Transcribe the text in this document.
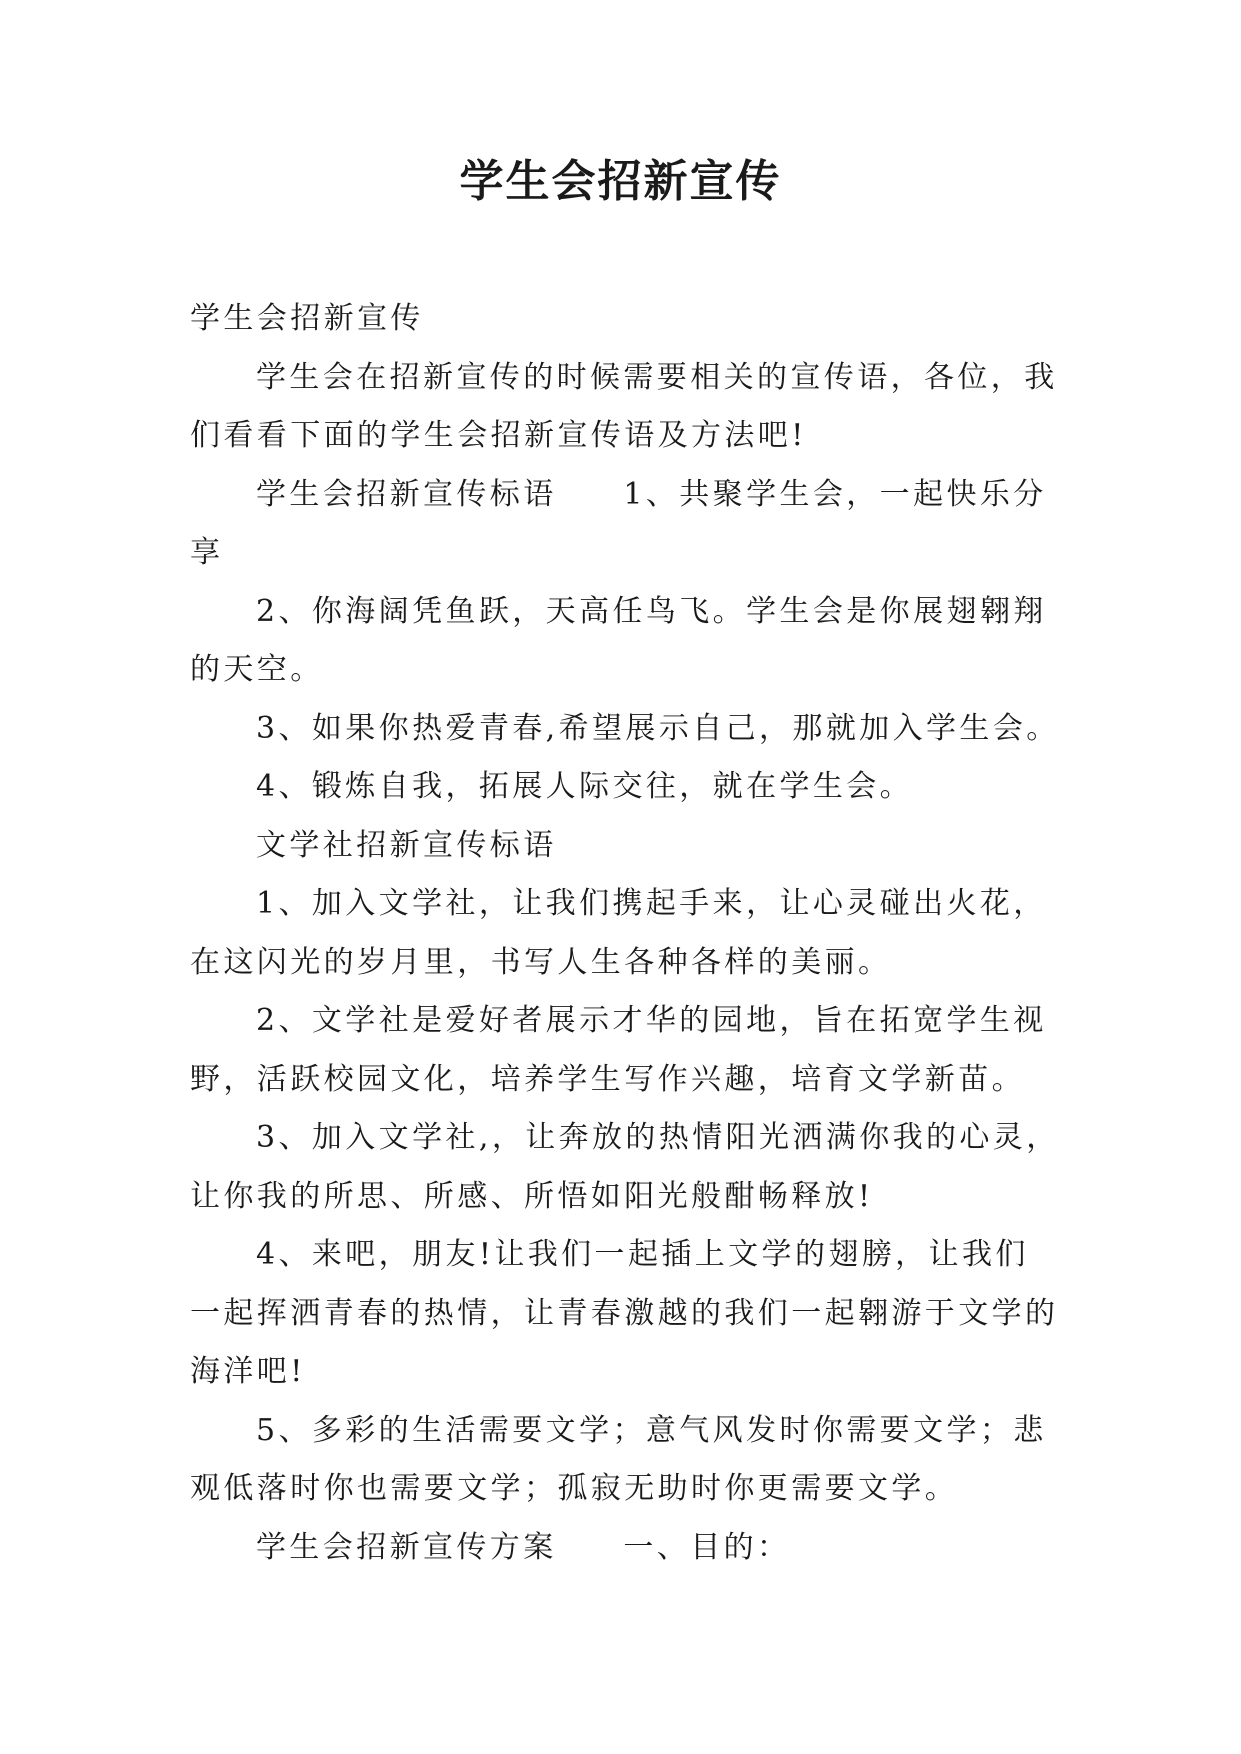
学生会招新宣传

学生会招新宣传

学生会在招新宣传的时候需要相关的宣传语，各位，我们看看下面的学生会招新宣传语及方法吧!

学生会招新宣传标语　　1、共聚学生会，一起快乐分享

2、你海阔凭鱼跃，天高任鸟飞。学生会是你展翅翱翔的天空。

3、如果你热爱青春,希望展示自己，那就加入学生会。

4、锻炼自我，拓展人际交往，就在学生会。

文学社招新宣传标语

1、加入文学社，让我们携起手来，让心灵碰出火花，在这闪光的岁月里，书写人生各种各样的美丽。

2、文学社是爱好者展示才华的园地，旨在拓宽学生视野，活跃校园文化，培养学生写作兴趣，培育文学新苗。

3、加入文学社,，让奔放的热情阳光洒满你我的心灵，让你我的所思、所感、所悟如阳光般酣畅释放!

4、来吧，朋友!让我们一起插上文学的翅膀，让我们一起挥洒青春的热情，让青春激越的我们一起翱游于文学的海洋吧!

5、多彩的生活需要文学；意气风发时你需要文学；悲观低落时你也需要文学；孤寂无助时你更需要文学。

学生会招新宣传方案　　一、目的：
